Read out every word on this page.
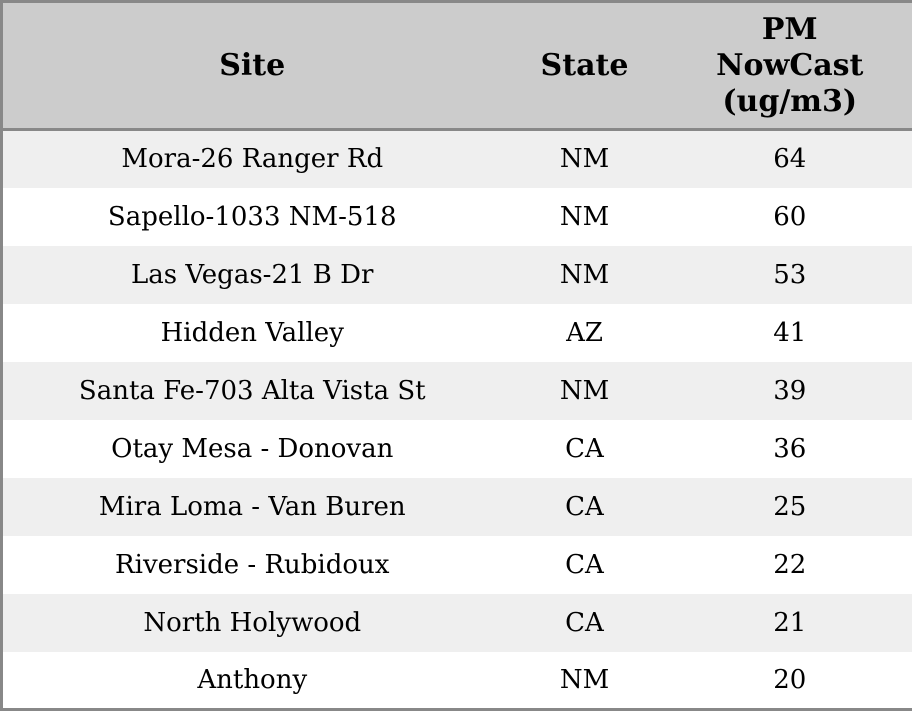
Site	State	PM
NowCast
(ug/m3)

Mora-26 Ranger Rd	NM	64
Sapello-1033 NM-518	NM	60
Las Vegas-21 B Dr	NM	53
Hidden Valley	AZ	41
Santa Fe-703 Alta Vista St	NM	39
Otay Mesa - Donovan	CA	36
Mira Loma - Van Buren	CA	25
Riverside - Rubidoux	CA	22
North Holywood	CA	21
Anthony	NM	20
